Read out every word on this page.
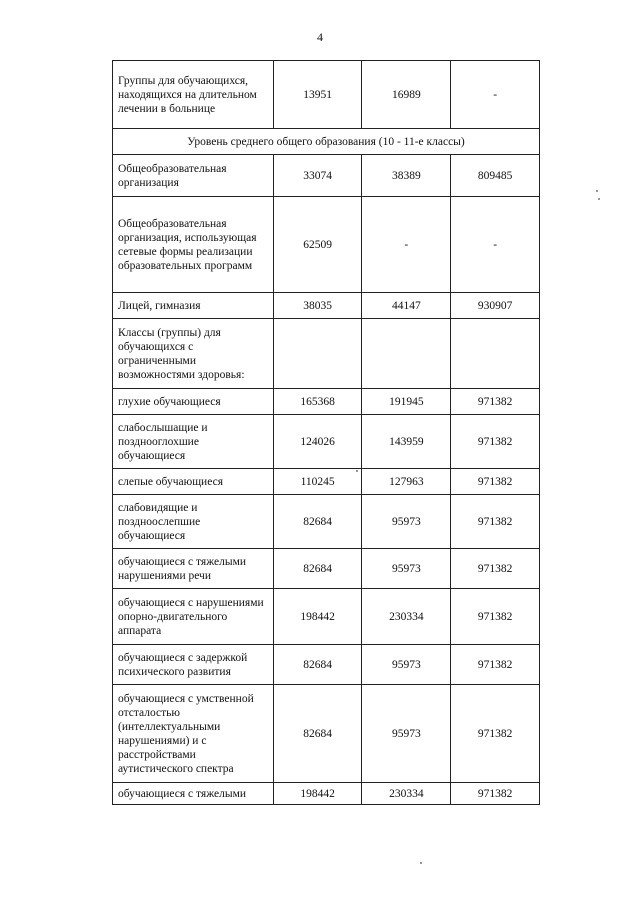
4
Группы для обучающихся, находящихся на длительном лечении в больнице	13951	16989	-
Уровень среднего общего образования (10 - 11-е классы)			
Общеобразовательная организация	33074	38389	809485
Общеобразовательная организация, использующая сетевые формы реализации образовательных программ	62509	-	-
Лицей, гимназия	38035	44147	930907
Классы (группы) для обучающихся с ограниченными возможностями здоровья:			
глухие обучающиеся	165368	191945	971382
слабослышащие и позднооглохшие обучающиеся	124026	143959	971382
слепые обучающиеся	110245	127963	971382
слабовидящие и поздноослепшие обучающиеся	82684	95973	971382
обучающиеся с тяжелыми нарушениями речи	82684	95973	971382
обучающиеся с нарушениями опорно-двигательного аппарата	198442	230334	971382
обучающиеся с задержкой психического развития	82684	95973	971382
обучающиеся с умственной отсталостью (интеллектуальными нарушениями) и с расстройствами аутистического спектра	82684	95973	971382
обучающиеся с тяжелыми	198442	230334	971382
